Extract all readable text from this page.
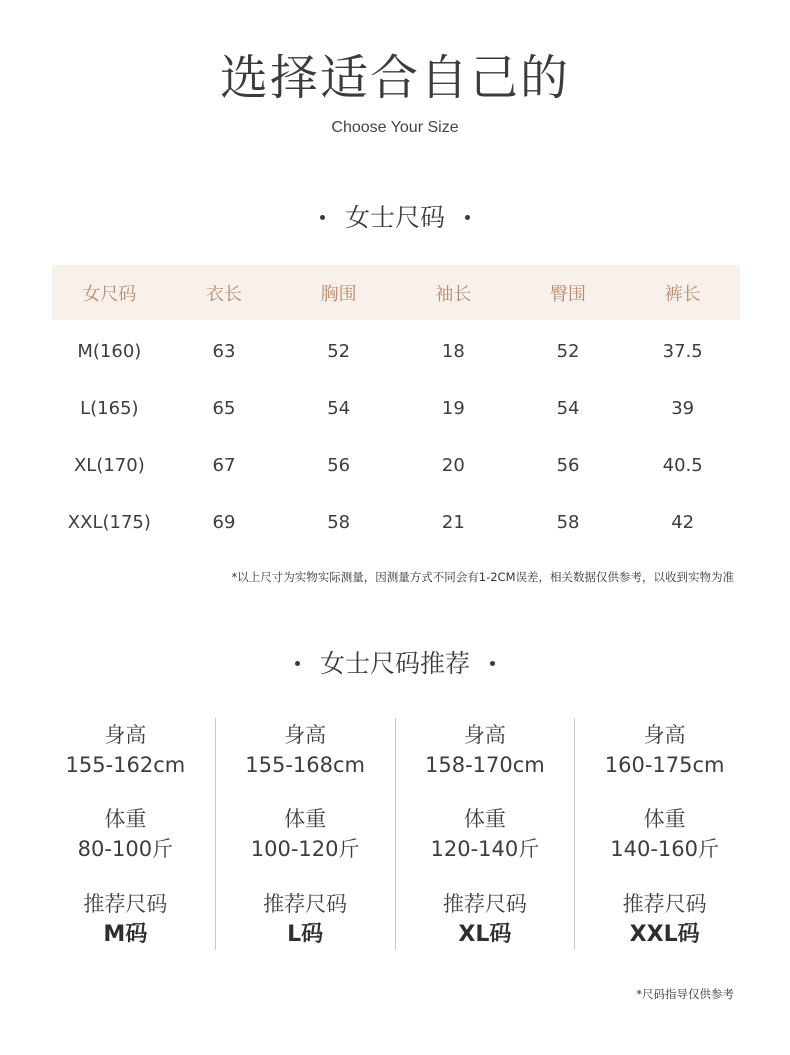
选择适合自己的
Choose Your Size
女士尺码
女尺码	衣长	胸围	袖长	臀围	裤长
M(160)	63	52	18	52	37.5
L(165)	65	54	19	54	39
XL(170)	67	56	20	56	40.5
XXL(175)	69	58	21	58	42
*以上尺寸为实物实际测量，因测量方式不同会有1-2CM误差，相关数据仅供参考，以收到实物为准
女士尺码推荐
身高
155-162cm
体重
80-100斤
推荐尺码
M码
身高
155-168cm
体重
100-120斤
推荐尺码
L码
身高
158-170cm
体重
120-140斤
推荐尺码
XL码
身高
160-175cm
体重
140-160斤
推荐尺码
XXL码
*尺码指导仅供参考
